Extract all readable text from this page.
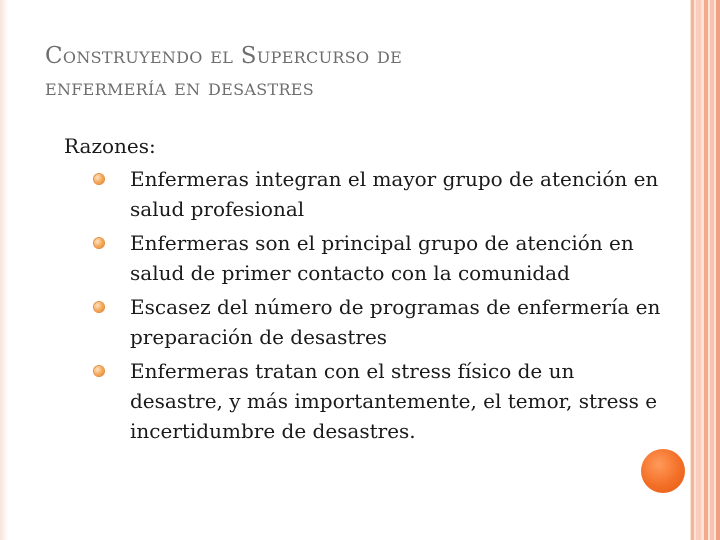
Construyendo el Supercurso de
enfermería en desastres
Razones:
Enfermeras integran el mayor grupo de atención en salud profesional
Enfermeras son el principal grupo de atención en salud de primer contacto con la comunidad
Escasez del número de programas de enfermería en preparación de desastres
Enfermeras tratan con el stress físico de un desastre, y más importantemente, el temor, stress e incertidumbre de desastres.
